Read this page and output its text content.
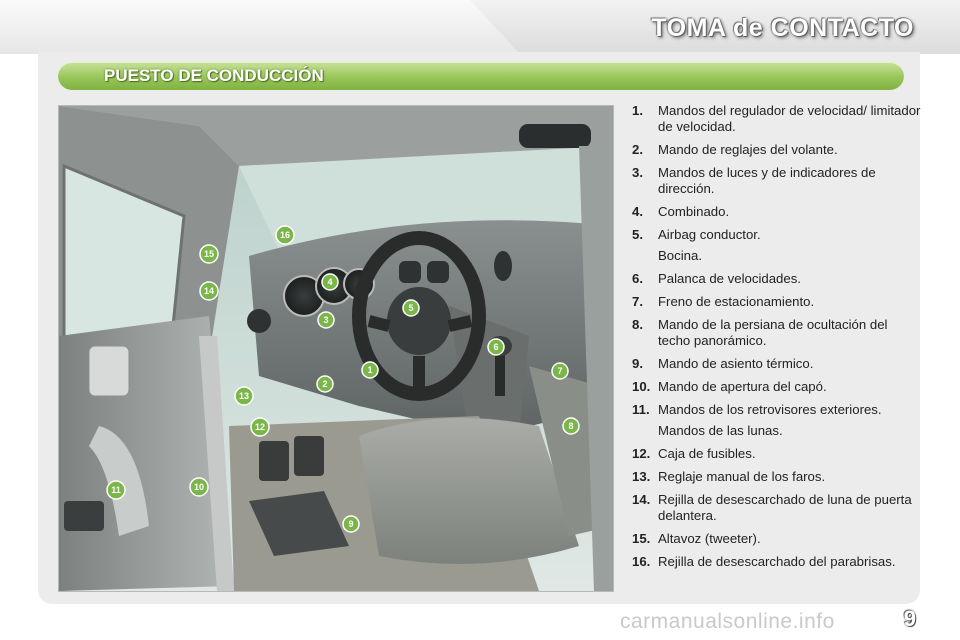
TOMA de CONTACTO
PUESTO DE CONDUCCIÓN
1
2
3
4
5
6
7
8
9
10
11
12
13
14
15
16
1.	Mandos del regulador de velocidad/ limitador de velocidad.
2.	Mando de reglajes del volante.
3.	Mandos de luces y de indicadores de dirección.
4.	Combinado.
5.	Airbag conductor.
Bocina.
6.	Palanca de velocidades.
7.	Freno de estacionamiento.
8.	Mando de la persiana de ocultación del techo panorámico.
9.	Mando de asiento térmico.
10. Mando de apertura del capó.
11. Mandos de los retrovisores exteriores.
Mandos de las lunas.
12. Caja de fusibles.
13. Reglaje manual de los faros.
14. Rejilla de desescarchado de luna de puerta delantera.
15. Altavoz (tweeter).
16. Rejilla de desescarchado del parabrisas.
carmanualsonline.info	9
